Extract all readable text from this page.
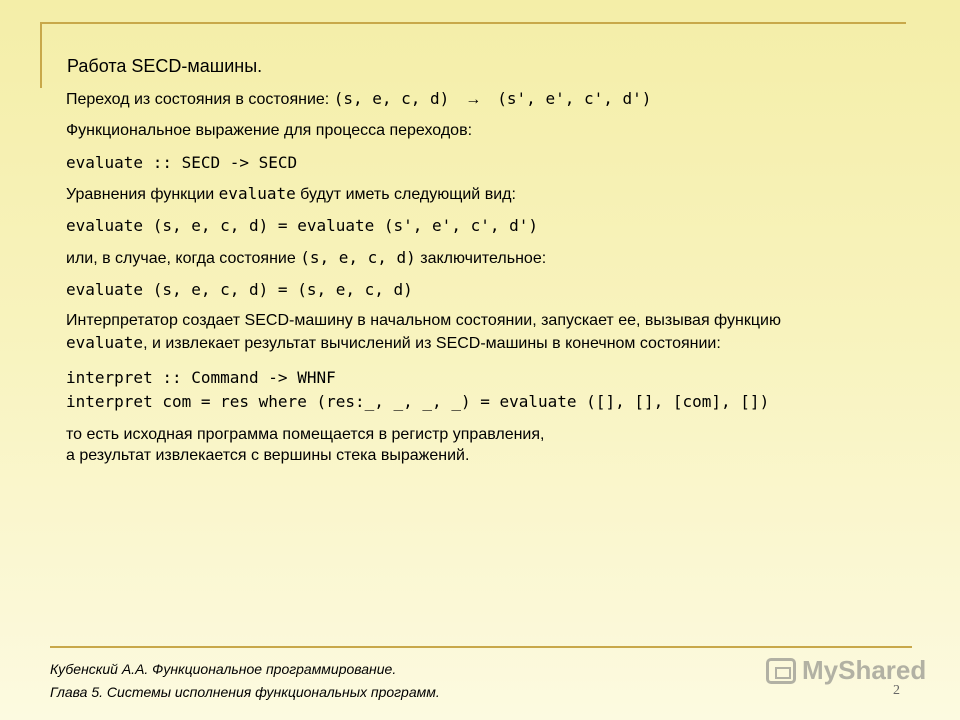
Работа SECD-машины.
Переход из состояния в состояние: (s, e, c, d) → (s', e', c', d')
Функциональное выражение для процесса переходов:
evaluate :: SECD -> SECD
Уравнения функции evaluate будут иметь следующий вид:
evaluate (s, e, c, d) = evaluate (s', e', c', d')
или, в случае, когда состояние (s, e, c, d) заключительное:
evaluate (s, e, c, d) = (s, e, c, d)
Интерпретатор создает SECD-машину в начальном состоянии, запускает ее, вызывая функцию
evaluate, и извлекает результат вычислений из SECD-машины в конечном состоянии:
interpret :: Command -> WHNF
interpret com = res where (res:_, _, _, _) = evaluate ([], [], [com], [])
то есть исходная программа помещается в регистр управления,
а результат извлекается с вершины стека выражений.
Кубенский А.А. Функциональное программирование.
Глава 5. Системы исполнения функциональных программ.
MyShared
2
